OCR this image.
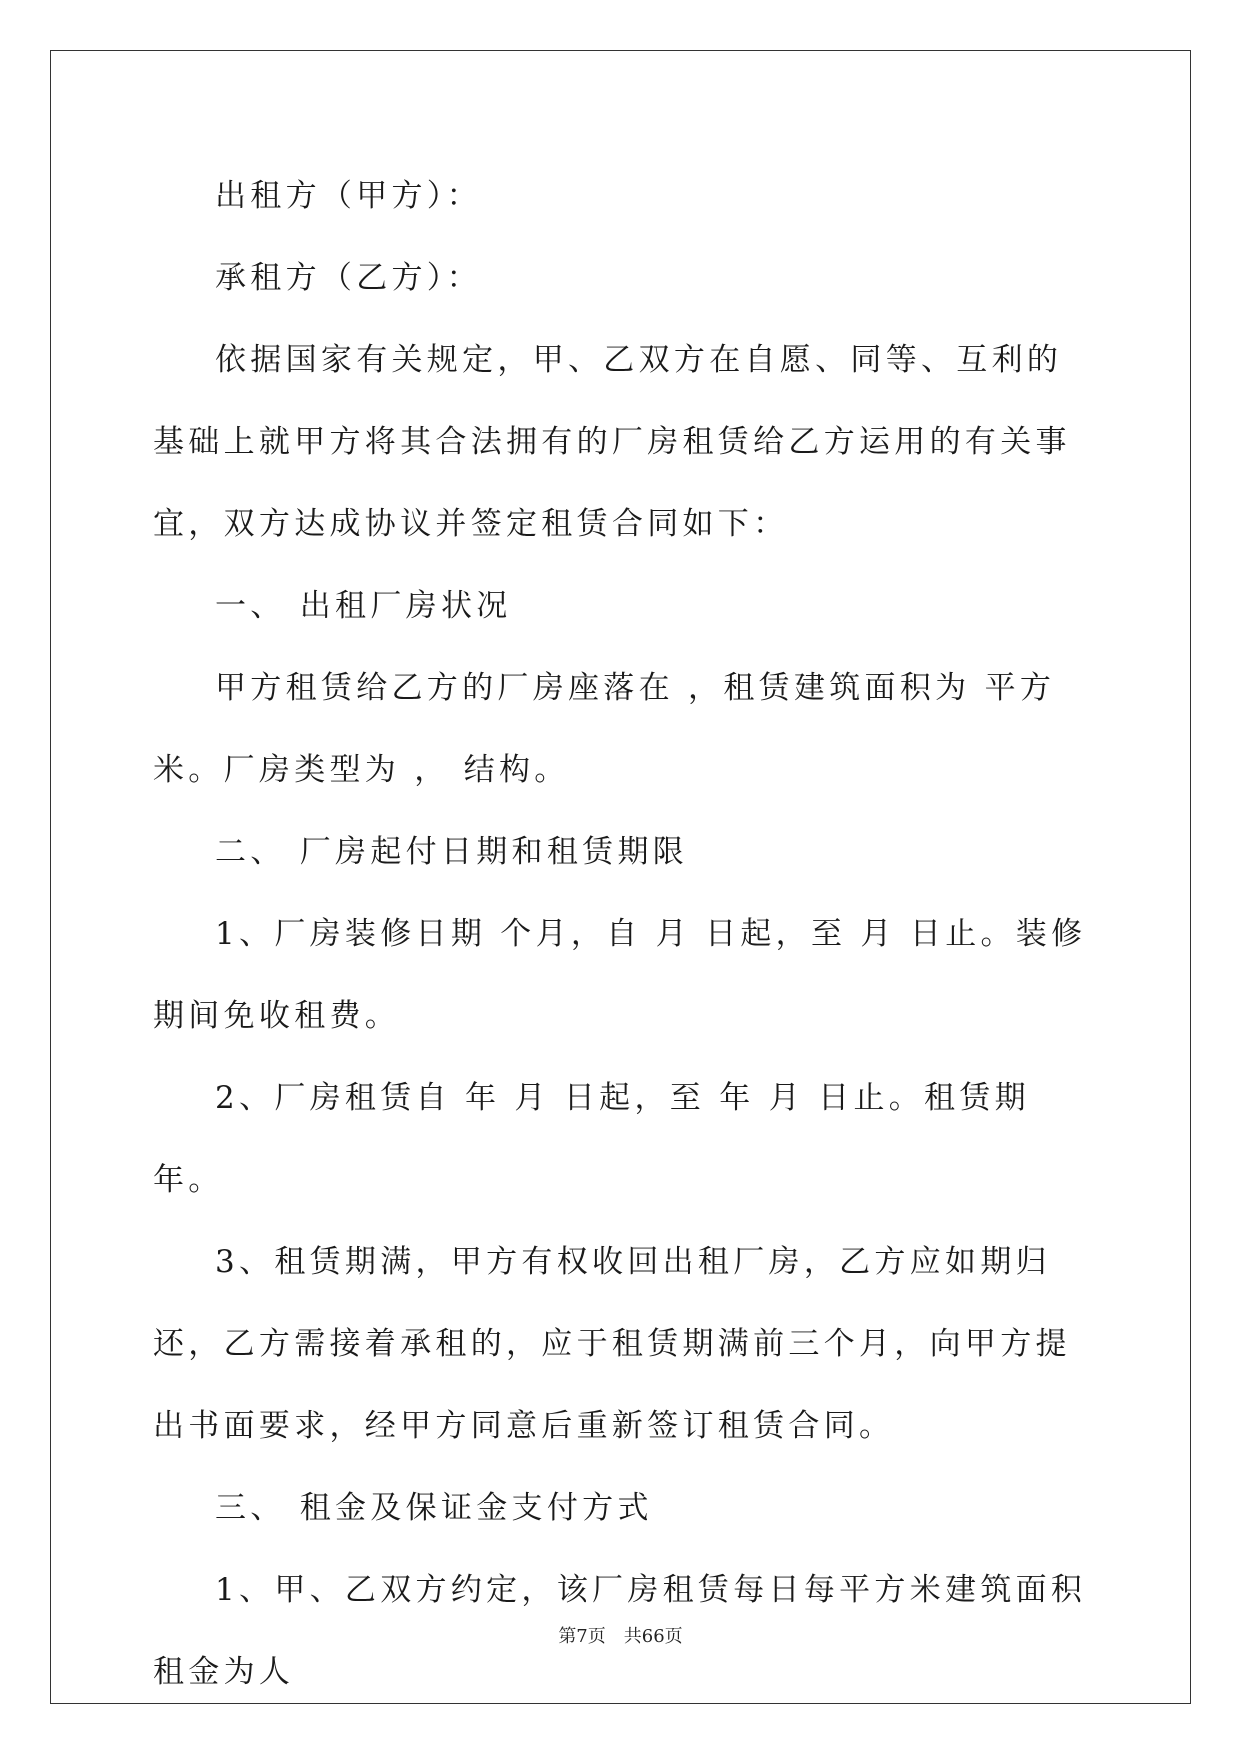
出租方（甲方）：

承租方（乙方）：

依据国家有关规定，甲、乙双方在自愿、同等、互利的基础上就甲方将其合法拥有的厂房租赁给乙方运用的有关事宜，双方达成协议并签定租赁合同如下：

一、 出租厂房状况

甲方租赁给乙方的厂房座落在 ，租赁建筑面积为 平方米。厂房类型为 ， 结构。

二、 厂房起付日期和租赁期限

1、厂房装修日期 个月，自 月 日起，至 月 日止。装修期间免收租费。

2、厂房租赁自 年 月 日起，至 年 月 日止。租赁期 年。

3、租赁期满，甲方有权收回出租厂房，乙方应如期归还，乙方需接着承租的，应于租赁期满前三个月，向甲方提出书面要求，经甲方同意后重新签订租赁合同。

三、 租金及保证金支付方式

1、甲、乙双方约定，该厂房租赁每日每平方米建筑面积租金为人

第7页　共66页
